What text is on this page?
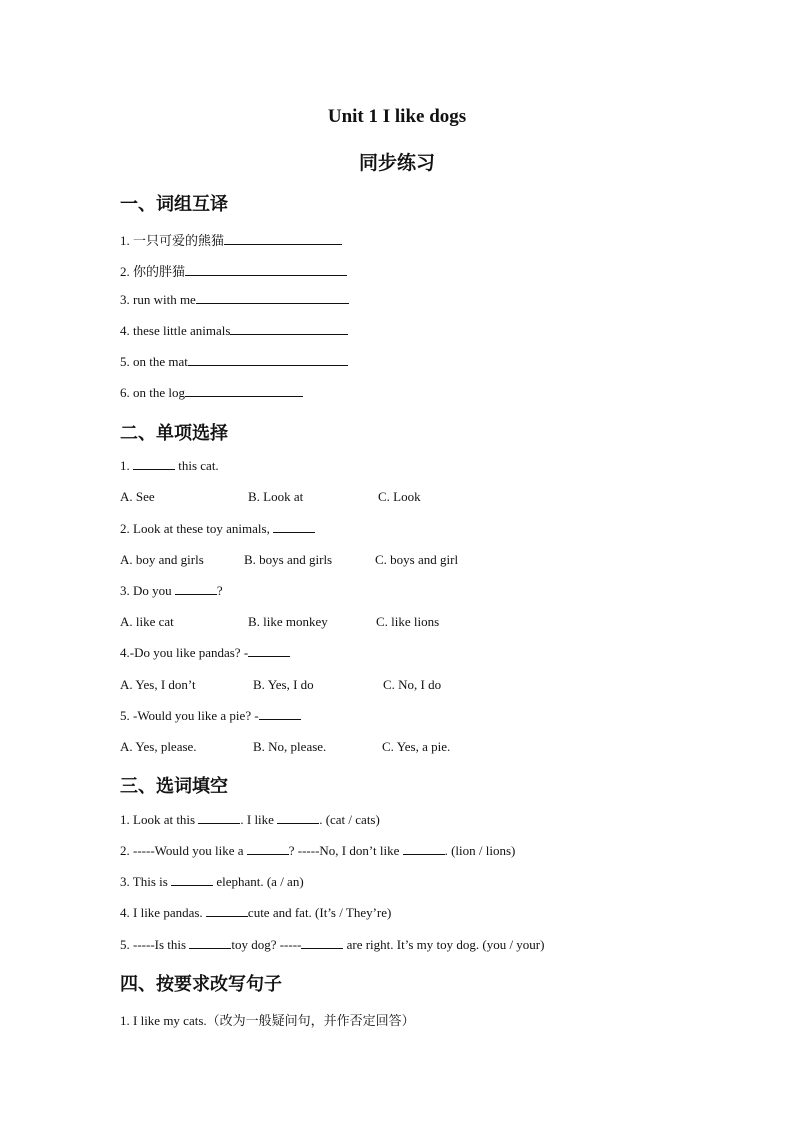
Unit 1 I like dogs
同步练习
一、词组互译
1. 一只可爱的熊猫
2. 你的胖猫
3. run with me
4. these little animals
5. on the mat
6. on the log
二、单项选择
1.	this cat.
A. See	B. Look at	C. Look
2. Look at these toy animals,
A. boy and girls	B. boys and girls	C. boys and girl
3. Do you	?
A. like cat	B. like monkey	C. like lions
4.-Do you like pandas? -
A. Yes, I don’t	B. Yes, I do	C. No, I do
5. -Would you like a pie? -
A. Yes, please.	B. No, please.	C. Yes, a pie.
三、选词填空
1. Look at this	. I like	. (cat / cats)
2. -----Would you like a	? -----No, I don’t like	. (lion / lions)
3. This is	elephant. (a / an)
4. I like pandas.	cute and fat. (It’s / They’re)
5. -----Is this	toy dog? -----	are right. It’s my toy dog. (you / your)
四、按要求改写句子
1. I like my cats.（改为一般疑问句，并作否定回答）
